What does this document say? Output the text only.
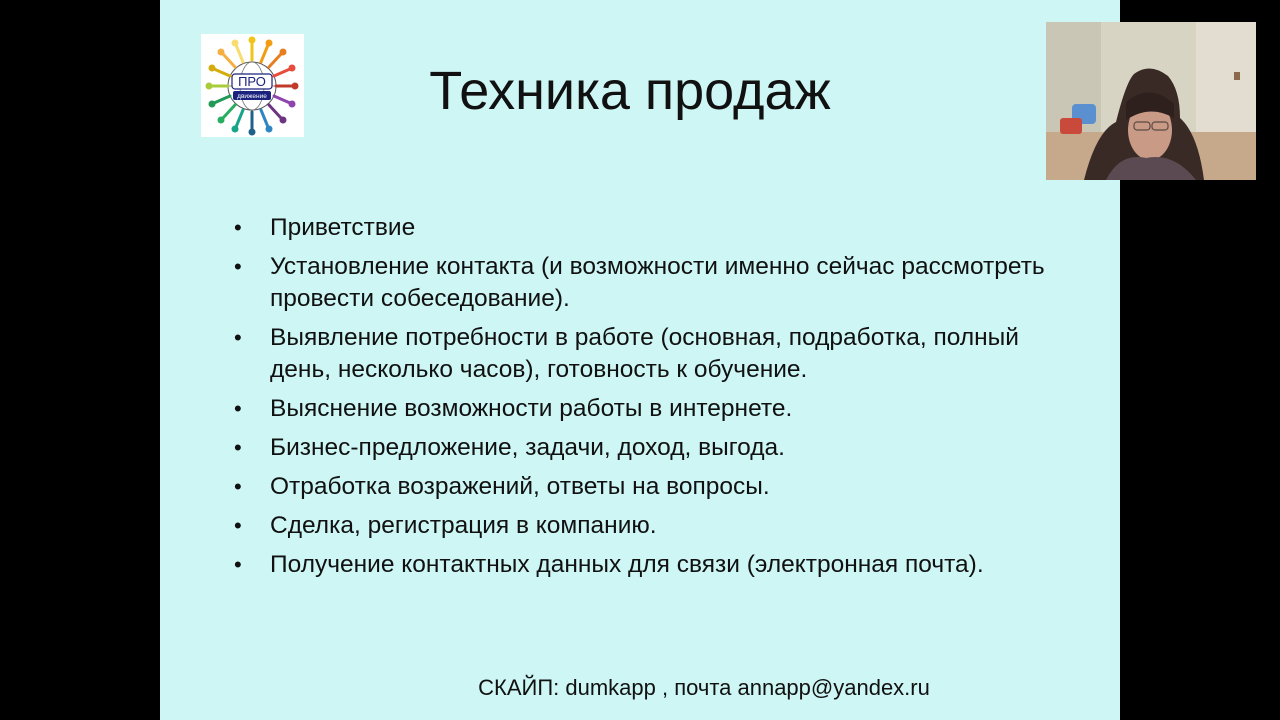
ПРО
движение	Техника продаж
• Приветствие
• Установление контакта (и возможности именно сейчас рассмотреть провести собеседование).
• Выявление потребности в работе (основная, подработка, полный день, несколько часов), готовность к обучение.
• Выяснение возможности работы в интернете.
• Бизнес-предложение, задачи, доход, выгода.
• Отработка возражений, ответы на вопросы.
• Сделка, регистрация в компанию.
• Получение контактных данных для связи (электронная почта).
СКАЙП: dumkapp , почта annapp@yandex.ru
